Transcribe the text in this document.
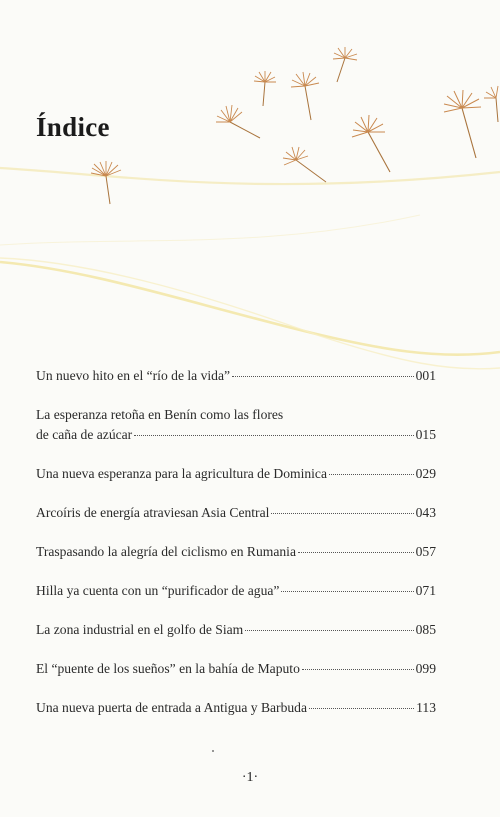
Índice
Un nuevo hito en el “río de la vida”	001
La esperanza retoña en Benín como las flores
de caña de azúcar	015
Una nueva esperanza para la agricultura de Dominica	029
Arcoíris de energía atraviesan Asia Central	043
Traspasando la alegría del ciclismo en Rumania	057
Hilla ya cuenta con un “purificador de agua”	071
La zona industrial en el golfo de Siam	085
El “puente de los sueños” en la bahía de Maputo	099
Una nueva puerta de entrada a Antigua y Barbuda	113
·1·
